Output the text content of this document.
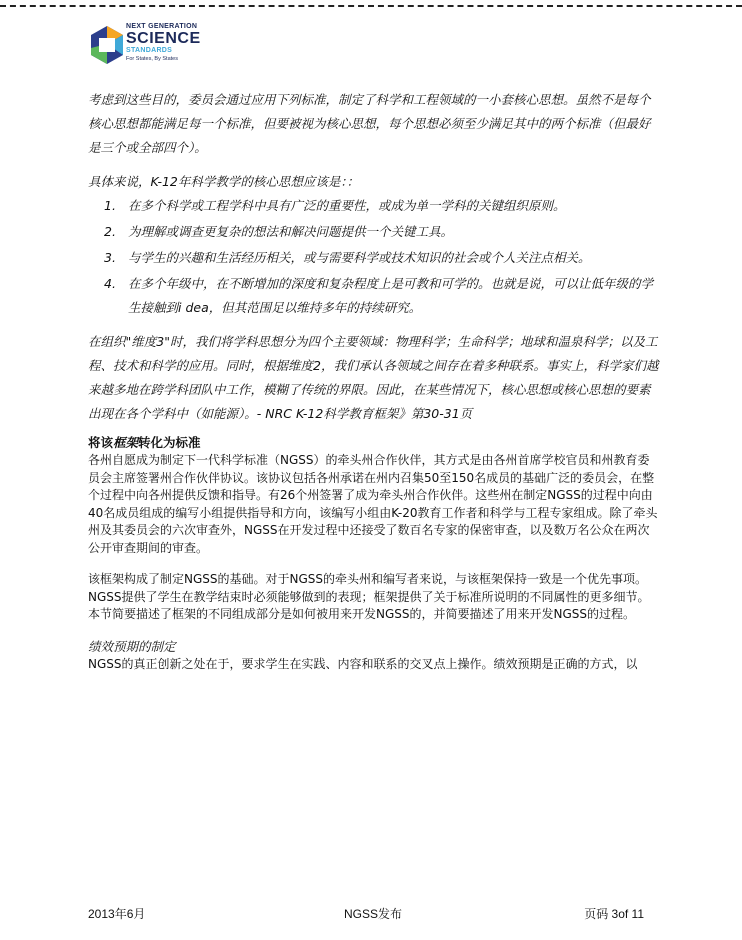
NEXT GENERATION
SCIENCE
STANDARDS
For States, By States

考虑到这些目的，委员会通过应用下列标准，制定了科学和工程领域的一小套核心思想。虽然不是每个核心思想都能满足每一个标准，但要被视为核心思想，每个思想必须至少满足其中的两个标准（但最好是三个或全部四个）。

具体来说，K-12年科学教学的核心思想应该是：：

1. 在多个科学或工程学科中具有广泛的重要性，或成为单一学科的关键组织原则。
2. 为理解或调查更复杂的想法和解决问题提供一个关键工具。
3. 与学生的兴趣和生活经历相关，或与需要科学或技术知识的社会或个人关注点相关。
4. 在多个年级中，在不断增加的深度和复杂程度上是可教和可学的。也就是说，可以让低年级的学生接触到i dea，但其范围足以维持多年的持续研究。

在组织"维度3"时，我们将学科思想分为四个主要领域：物理科学；生命科学；地球和温泉科学；以及工程、技术和科学的应用。同时，根据维度2，我们承认各领域之间存在着多种联系。事实上，科学家们越来越多地在跨学科团队中工作，模糊了传统的界限。因此，在某些情况下，核心思想或核心思想的要素出现在各个学科中（如能源）。- NRC K-12科学教育框架》第30-31页

将该框架转化为标准

各州自愿成为制定下一代科学标准（NGSS）的牵头州合作伙伴，其方式是由各州首席学校官员和州教育委员会主席签署州合作伙伴协议。该协议包括各州承诺在州内召集50至150名成员的基础广泛的委员会，在整个过程中向各州提供反馈和指导。有26个州签署了成为牵头州合作伙伴。这些州在制定NGSS的过程中向由40名成员组成的编写小组提供指导和方向，该编写小组由K-20教育工作者和科学与工程专家组成。除了牵头州及其委员会的六次审查外，NGSS在开发过程中还接受了数百名专家的保密审查，以及数万名公众在两次公开审查期间的审查。

该框架构成了制定NGSS的基础。对于NGSS的牵头州和编写者来说，与该框架保持一致是一个优先事项。NGSS提供了学生在教学结束时必须能够做到的表现；框架提供了关于标准所说明的不同属性的更多细节。本节简要描述了框架的不同组成部分是如何被用来开发NGSS的，并简要描述了用来开发NGSS的过程。

绩效预期的制定

NGSS的真正创新之处在于，要求学生在实践、内容和联系的交叉点上操作。绩效预期是正确的方式，以

2013年6月	NGSS发布	页码 3of 11
